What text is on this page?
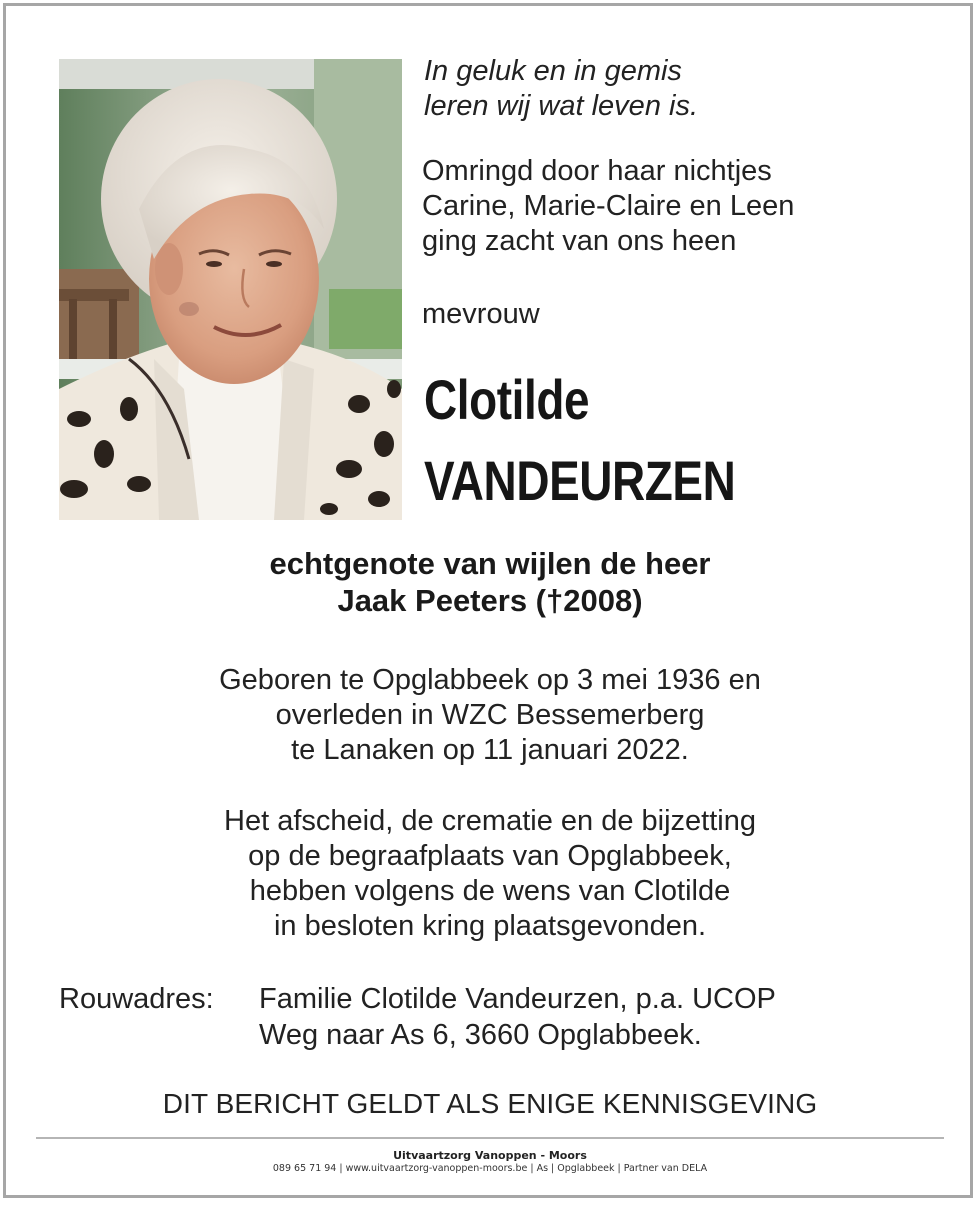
In geluk en in gemis
leren wij wat leven is.
Omringd door haar nichtjes
Carine, Marie-Claire en Leen
ging zacht van ons heen
mevrouw
Clotilde
VANDEURZEN
echtgenote van wijlen de heer
Jaak Peeters (†2008)
Geboren te Opglabbeek op 3 mei 1936 en
overleden in WZC Bessemerberg
te Lanaken op 11 januari 2022.
Het afscheid, de crematie en de bijzetting
op de begraafplaats van Opglabbeek,
hebben volgens de wens van Clotilde
in besloten kring plaatsgevonden.
Rouwadres: Familie Clotilde Vandeurzen, p.a. UCOP
Weg naar As 6, 3660 Opglabbeek.
DIT BERICHT GELDT ALS ENIGE KENNISGEVING
Uitvaartzorg Vanoppen - Moors
089 65 71 94 | www.uitvaartzorg-vanoppen-moors.be | As | Opglabbeek | Partner van DELA
